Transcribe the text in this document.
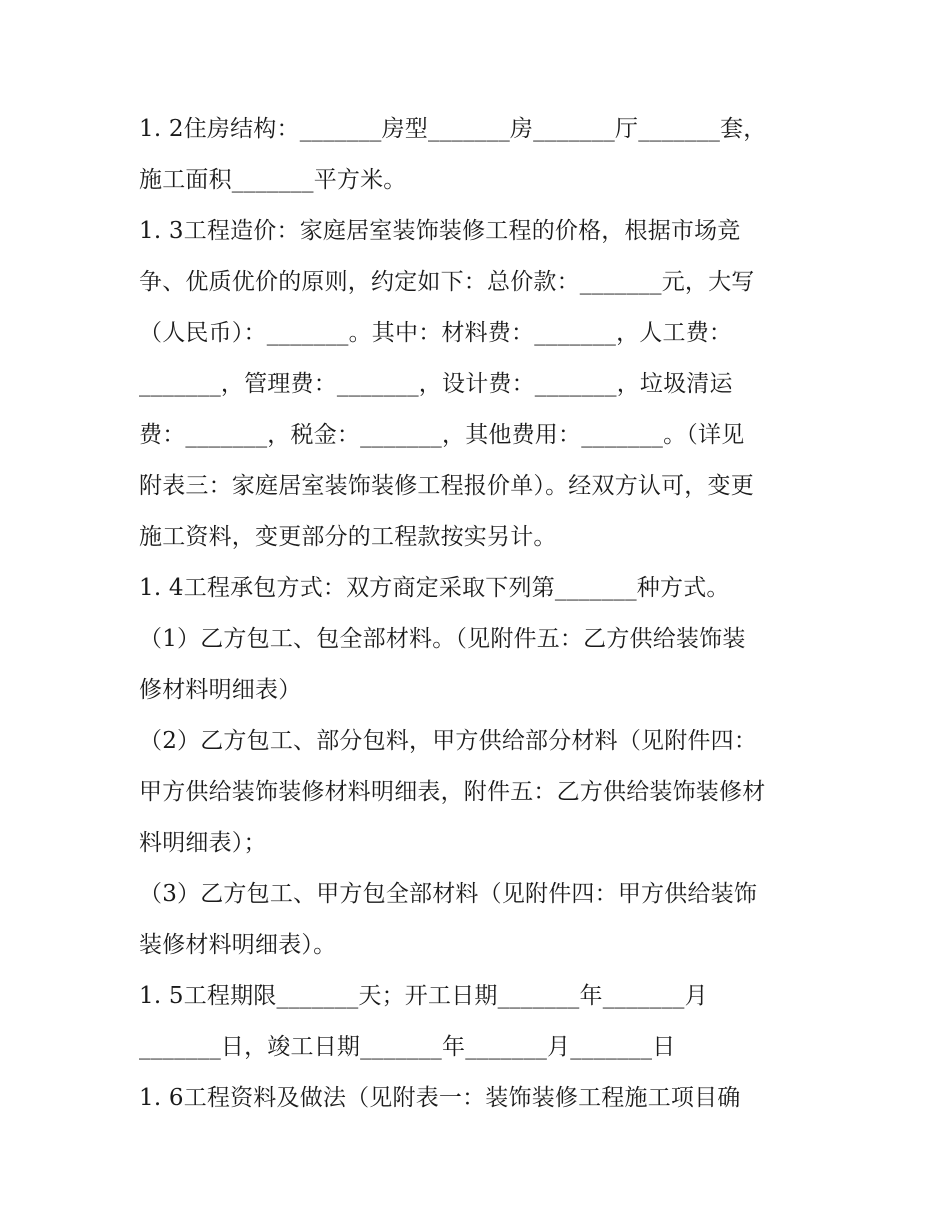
1. 2住房结构：_______房型_______房_______厅_______套，
施工面积_______平方米。
1. 3工程造价：家庭居室装饰装修工程的价格，根据市场竞
争、优质优价的原则，约定如下：总价款：_______元，大写
（人民币）：_______。其中：材料费：_______，人工费：
_______，管理费：_______，设计费：_______，垃圾清运
费：_______，税金：_______，其他费用：_______。（详见
附表三：家庭居室装饰装修工程报价单）。经双方认可，变更
施工资料，变更部分的工程款按实另计。
1. 4工程承包方式：双方商定采取下列第_______种方式。
（1）乙方包工、包全部材料。（见附件五：乙方供给装饰装
修材料明细表）
（2）乙方包工、部分包料，甲方供给部分材料（见附件四：
甲方供给装饰装修材料明细表，附件五：乙方供给装饰装修材
料明细表）；
（3）乙方包工、甲方包全部材料（见附件四：甲方供给装饰
装修材料明细表）。
1. 5工程期限_______天；开工日期_______年_______月
_______日，竣工日期_______年_______月_______日
1. 6工程资料及做法（见附表一：装饰装修工程施工项目确
